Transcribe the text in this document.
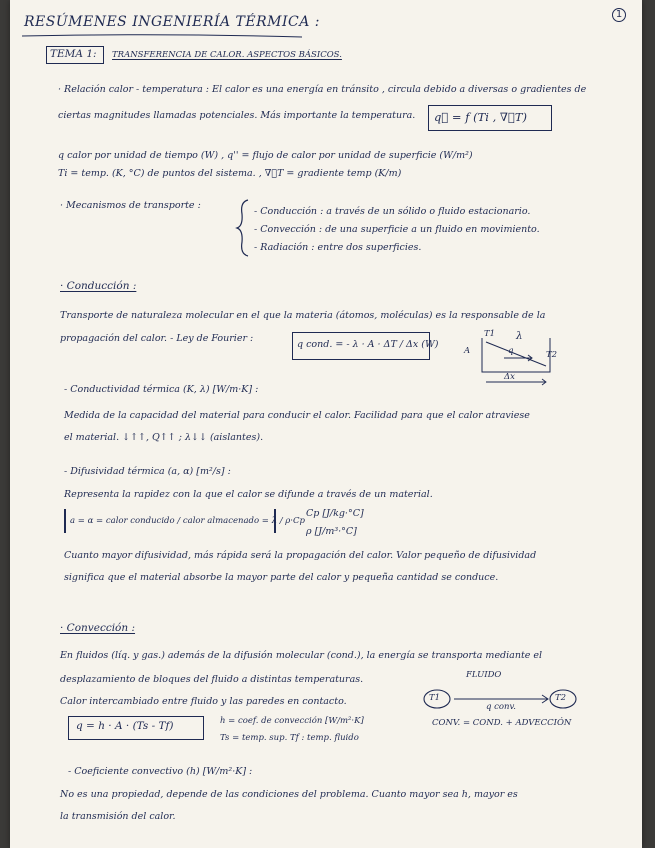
1
RESÚMENES INGENIERÍA TÉRMICA :
TEMA 1: TRANSFERENCIA DE CALOR. ASPECTOS BÁSICOS.
· Relación calor - temperatura : El calor es una energía en tránsito , circula debido a diversas o gradientes de
ciertas magnitudes llamadas potenciales. Más importante la temperatura. q⃗ = f (Ti , ∇⃗T)
q calor por unidad de tiempo (W) , q'' = flujo de calor por unidad de superficie (W/m²)
Ti = temp. (K, °C) de puntos del sistema. , ∇⃗T = gradiente temp (K/m)
· Mecanismos de transporte :
- Conducción : a través de un sólido o fluido estacionario.
- Convección : de una superficie a un fluido en movimiento.
- Radiación : entre dos superficies.
· Conducción :
Transporte de naturaleza molecular en el que la materia (átomos, moléculas) es la responsable de la
propagación del calor. - Ley de Fourier :
q cond. = - λ · A · ΔT / Δx (W)
A
T1
T2
λ
q
Δx
- Conductividad térmica (K, λ) [W/m·K] :
Medida de la capacidad del material para conducir el calor. Facilidad para que el calor atraviese
el material. ↓↑↑, Q↑↑ ; λ↓↓ (aislantes).
- Difusividad térmica (a, α) [m²/s] :
Representa la rapidez con la que el calor se difunde a través de un material.
a = α = calor conducido / calor almacenado = λ / ρ·Cp
Cp [J/kg·°C]
ρ [J/m³·°C]
Cuanto mayor difusividad, más rápida será la propagación del calor. Valor pequeño de difusividad
significa que el material absorbe la mayor parte del calor y pequeña cantidad se conduce.
· Convección :
En fluidos (líq. y gas.) además de la difusión molecular (cond.), la energía se transporta mediante el
desplazamiento de bloques del fluido a distintas temperaturas.
Calor intercambiado entre fluido y las paredes en contacto.
q = h · A · (Ts - Tf)	h = coef. de convección [W/m²·K]
Ts = temp. sup. Tf : temp. fluido
FLUIDO
T1	T2
q conv.
CONV. = COND. + ADVECCIÓN
- Coeficiente convectivo (h) [W/m²·K] :
No es una propiedad, depende de las condiciones del problema. Cuanto mayor sea h, mayor es
la transmisión del calor.
